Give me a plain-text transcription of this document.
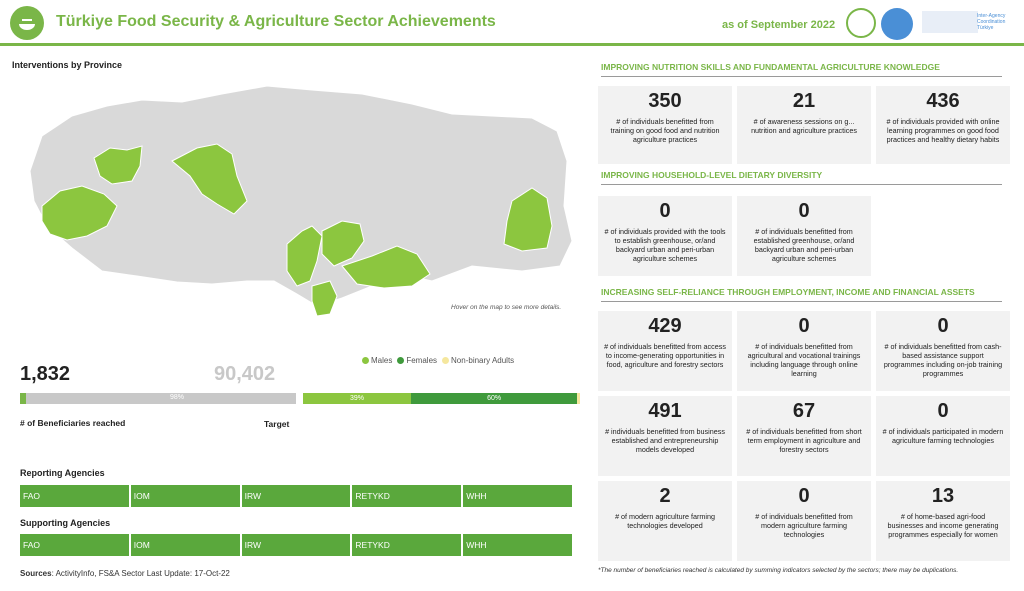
Türkiye Food Security & Agriculture Sector Achievements	as of September 2022
Inter-Agency Coordination Türkiye
Interventions by Province
Hover on the map to see more details.
1,832	90,402
98%
# of Beneficiaries reached	Target
Males	Females	Non-binary Adults
39%	60%
Reporting Agencies
FAO	IOM	IRW	RETYKD	WHH
Supporting Agencies
FAO	IOM	IRW	RETYKD	WHH
Sources: ActivityInfo, FS&A Sector Last Update: 17-Oct-22
IMPROVING NUTRITION SKILLS AND FUNDAMENTAL AGRICULTURE KNOWLEDGE
350
# of individuals benefitted from training on good food and nutrition agriculture practices
21
# of awareness sessions on g... nutrition and agriculture practices
436
# of individuals provided with online learning programmes on good food practices and healthy dietary habits
IMPROVING HOUSEHOLD-LEVEL DIETARY DIVERSITY
0
# of individuals provided with the tools to establish greenhouse, or/and backyard urban and peri-urban agriculture schemes
0
# of individuals benefitted from established greenhouse, or/and backyard urban and peri-urban agriculture schemes
INCREASING SELF-RELIANCE THROUGH EMPLOYMENT, INCOME AND FINANCIAL ASSETS
429
# of individuals benefitted from access to income-generating opportunities in food, agriculture and forestry sectors
0
# of individuals benefitted from agricultural and vocational trainings including language through online learning
0
# of individuals benefitted from cash-based assistance support programmes including on-job training programmes
491
# individuals benefitted from business established and entrepreneurship models developed
67
# of individuals benefitted from short term employment in agriculture and forestry sectors
0
# of individuals participated in modern agriculture farming technologies
2
# of modern agriculture farming technologies developed
0
# of individuals benefitted from modern agriculture farming technologies
13
# of home-based agri-food businesses and income generating programmes especially for women
*The number of beneficiaries reached is calculated by summing indicators selected by the sectors; there may be duplications.
